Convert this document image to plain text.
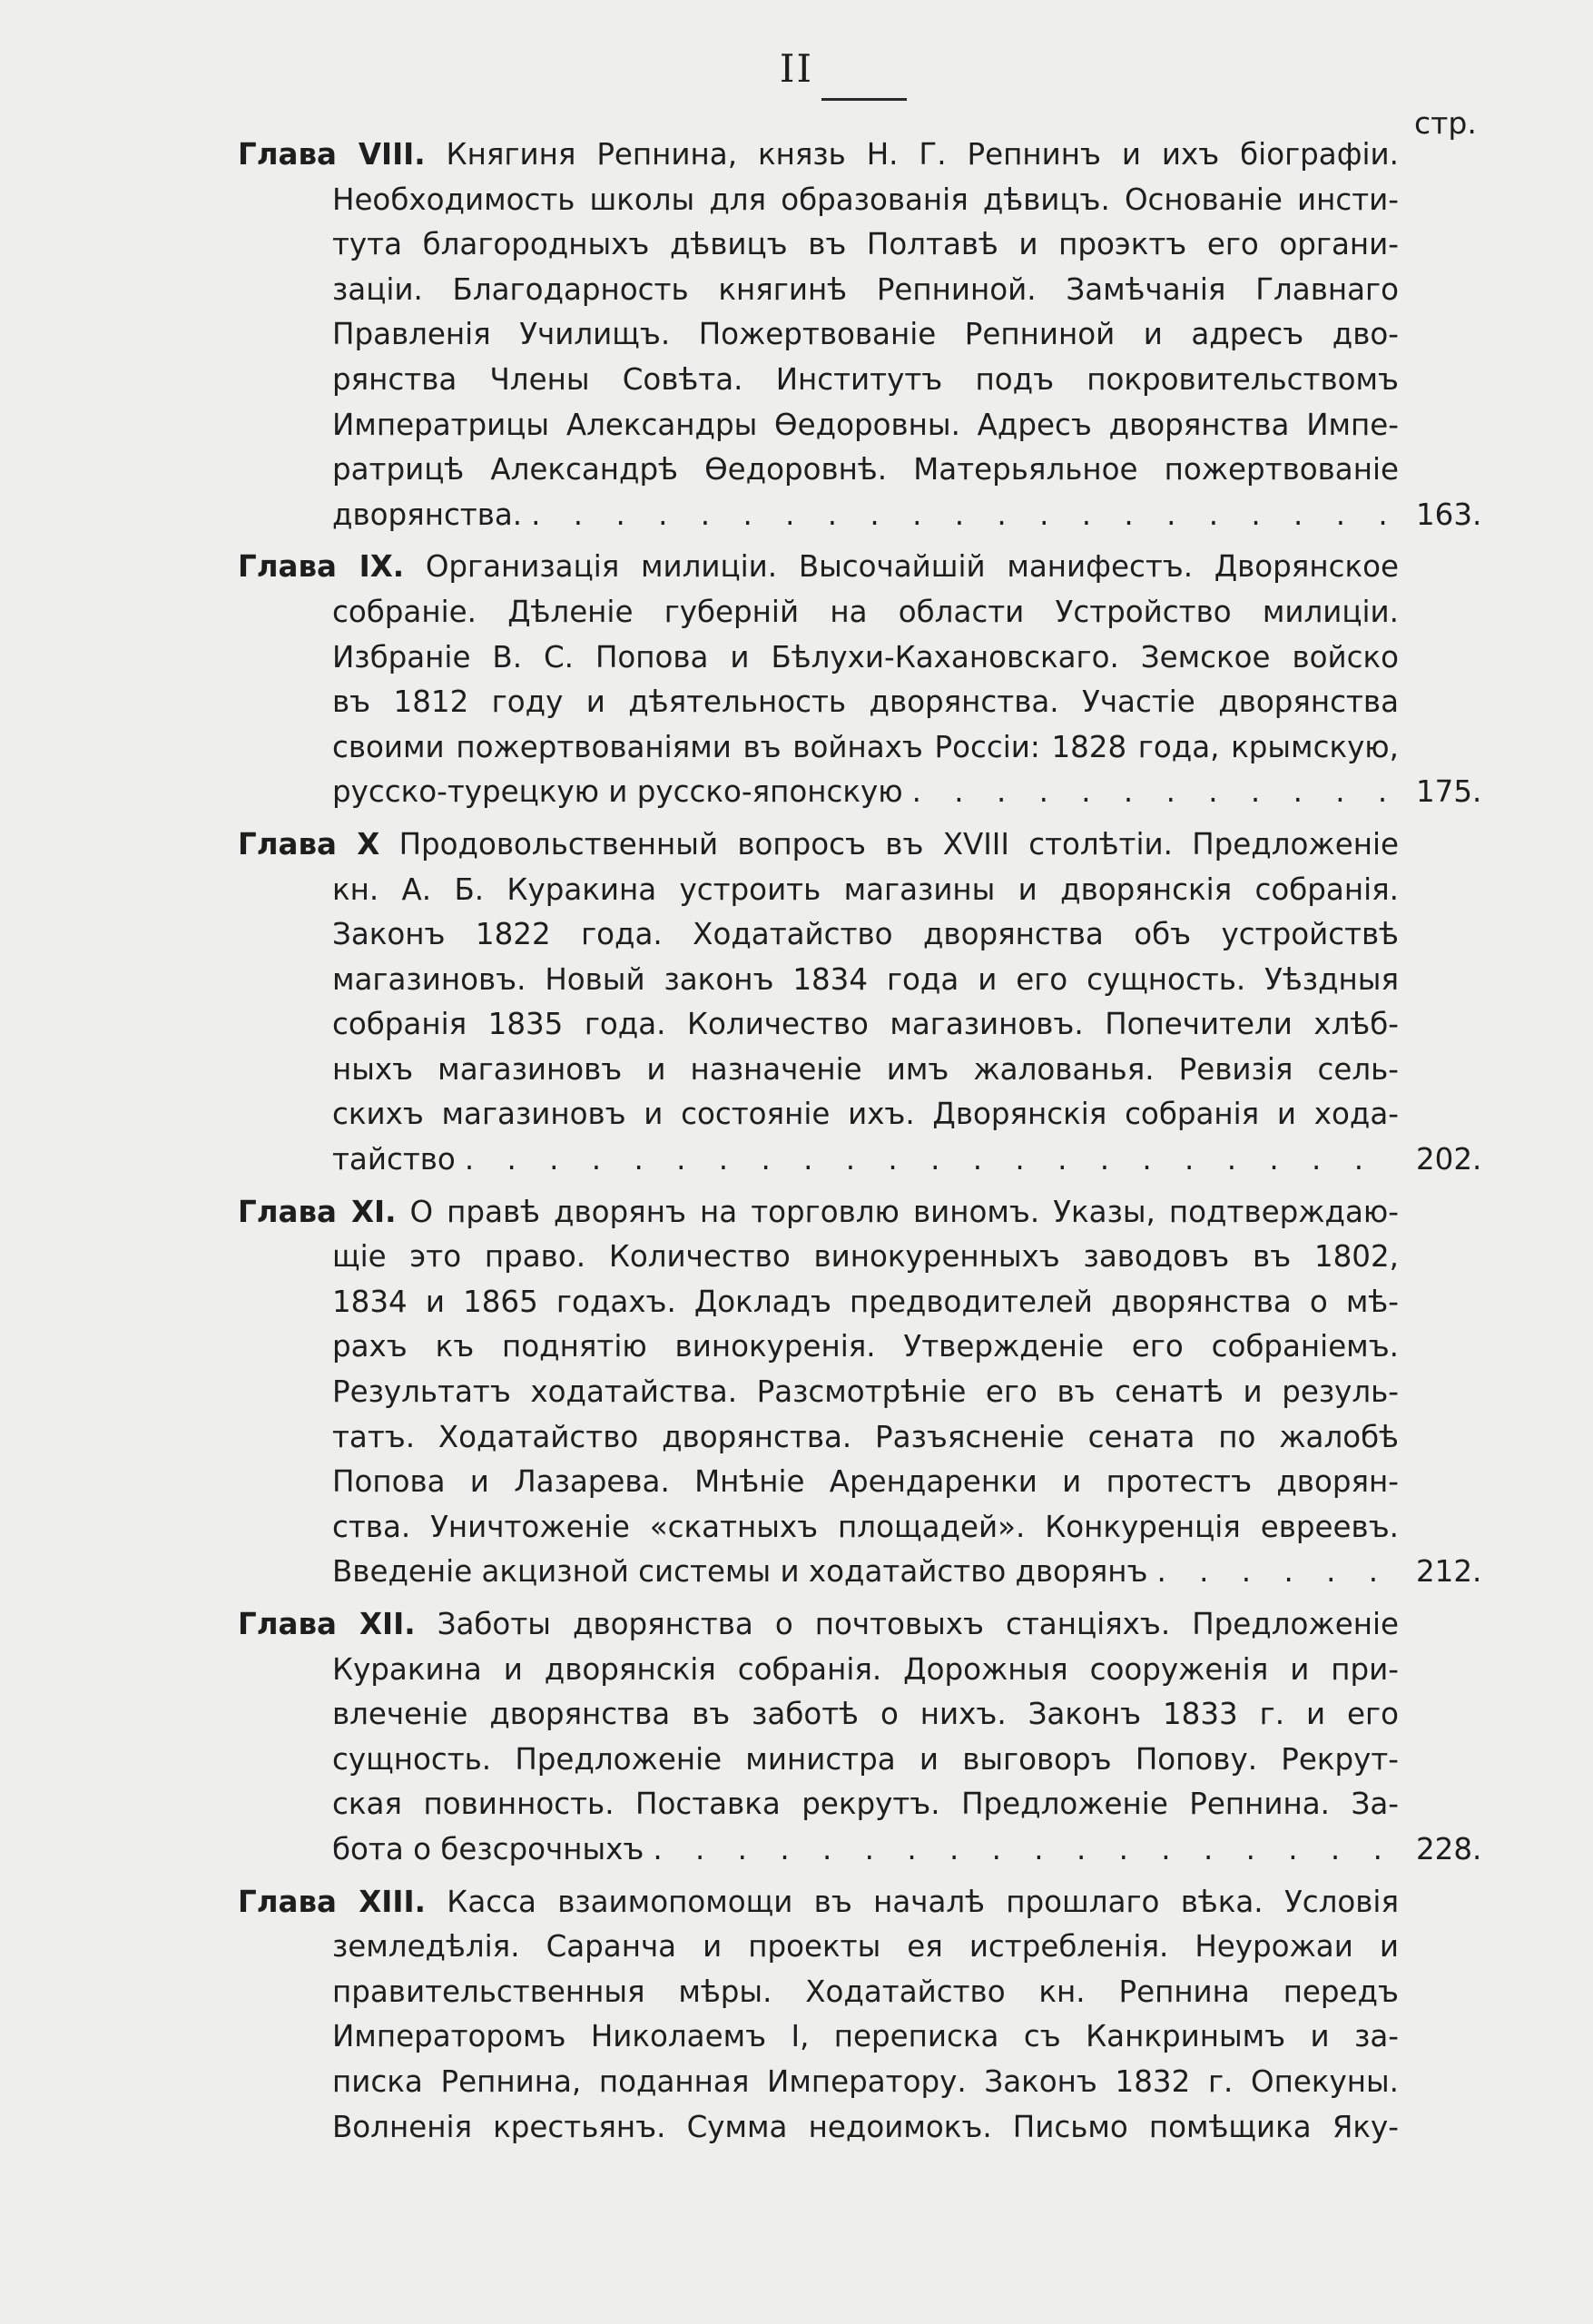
II
стр.
Глава VIII. Княгиня Репнина, князь Н. Г. Репнинъ и ихъ біографіи.
Необходимость школы для образованія дѣвицъ. Основаніе инсти-
тута благородныхъ дѣвицъ въ Полтавѣ и проэктъ его органи-
заціи. Благодарность княгинѣ Репниной. Замѣчанія Главнаго
Правленія Училищъ. Пожертвованіе Репниной и адресъ дво-
рянства Члены Совѣта. Институтъ подъ покровительствомъ
Императрицы Александры Ѳедоровны. Адресъ дворянства Импе-
ратрицѣ Александрѣ Ѳедоровнѣ. Матерьяльное пожертвованіе
дворянства. . . .	163.
Глава IX. Организація милиціи. Высочайшій манифестъ. Дворянское
собраніе. Дѣленіе губерній на области Устройство милиціи.
Избраніе В. С. Попова и Бѣлухи-Кахановскаго. Земское войско
въ 1812 году и дѣятельность дворянства. Участіе дворянства
своими пожертвованіями въ войнахъ Россіи: 1828 года, крымскую,
русско-турецкую и русско-японскую . . .	175.
Глава X Продовольственный вопросъ въ XVIII столѣтіи. Предложеніе
кн. А. Б. Куракина устроить магазины и дворянскія собранія.
Законъ 1822 года. Ходатайство дворянства объ устройствѣ
магазиновъ. Новый законъ 1834 года и его сущность. Уѣздныя
собранія 1835 года. Количество магазиновъ. Попечители хлѣб-
ныхъ магазиновъ и назначеніе имъ жалованья. Ревизія сель-
скихъ магазиновъ и состояніе ихъ. Дворянскія собранія и хода-
тайство . . .	202.
Глава XI. О правѣ дворянъ на торговлю виномъ. Указы, подтверждаю-
щіе это право. Количество винокуренныхъ заводовъ въ 1802,
1834 и 1865 годахъ. Докладъ предводителей дворянства о мѣ-
рахъ къ поднятію винокуренія. Утвержденіе его собраніемъ.
Результатъ ходатайства. Разсмотрѣніе его въ сенатѣ и резуль-
татъ. Ходатайство дворянства. Разъясненіе сената по жалобѣ
Попова и Лазарева. Мнѣніе Арендаренки и протестъ дворян-
ства. Уничтоженіе «скатныхъ площадей». Конкуренція евреевъ.
Введеніе акцизной системы и ходатайство дворянъ . . .	212.
Глава XII. Заботы дворянства о почтовыхъ станціяхъ. Предложеніе
Куракина и дворянскія собранія. Дорожныя сооруженія и при-
влеченіе дворянства въ заботѣ о нихъ. Законъ 1833 г. и его
сущность. Предложеніе министра и выговоръ Попову. Рекрут-
ская повинность. Поставка рекрутъ. Предложеніе Репнина. За-
бота о безсрочныхъ . . .	228.
Глава XIII. Касса взаимопомощи въ началѣ прошлаго вѣка. Условія
земледѣлія. Саранча и проекты ея истребленія. Неурожаи и
правительственныя мѣры. Ходатайство кн. Репнина передъ
Императоромъ Николаемъ I, переписка съ Канкринымъ и за-
писка Репнина, поданная Императору. Законъ 1832 г. Опекуны.
Волненія крестьянъ. Сумма недоимокъ. Письмо помѣщика Яку-
